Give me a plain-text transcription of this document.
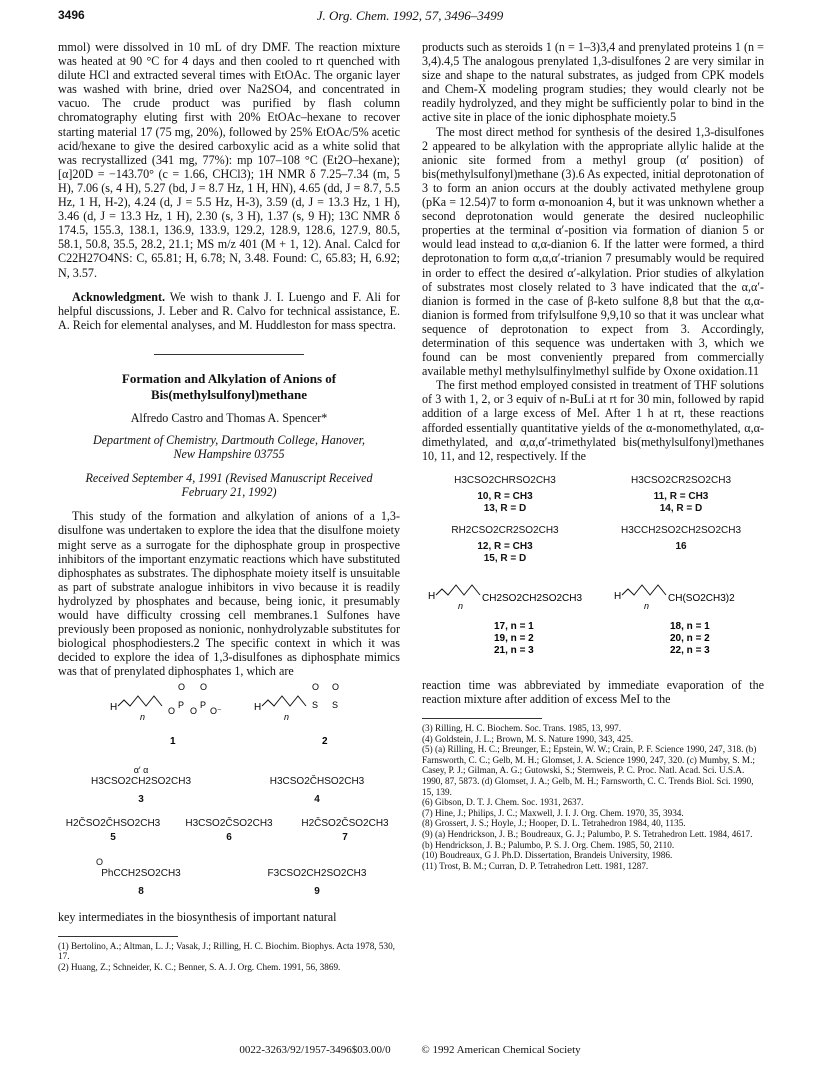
3496	J. Org. Chem. 1992, 57, 3496–3499

mmol) were dissolved in 10 mL of dry DMF. The reaction mixture was heated at 90 °C for 4 days and then cooled to rt quenched with dilute HCl and extracted several times with EtOAc. The organic layer was washed with brine, dried over Na2SO4, and concentrated in vacuo. The crude product was purified by flash column chromatography eluting first with 20% EtOAc–hexane to recover starting material 17 (75 mg, 20%), followed by 25% EtOAc/5% acetic acid/hexane to give the desired carboxylic acid as a white solid that was recrystallized (341 mg, 77%): mp 107–108 °C (Et2O–hexane); [α]20D = −143.70° (c = 1.66, CHCl3); 1H NMR δ 7.25–7.34 (m, 5 H), 7.06 (s, 4 H), 5.27 (bd, J = 8.7 Hz, 1 H, HN), 4.65 (dd, J = 8.7, 5.5 Hz, 1 H, H-2), 4.24 (d, J = 5.5 Hz, H-3), 3.59 (d, J = 13.3 Hz, 1 H), 3.46 (d, J = 13.3 Hz, 1 H), 2.30 (s, 3 H), 1.37 (s, 9 H); 13C NMR δ 174.5, 155.3, 138.1, 136.9, 133.9, 129.2, 128.9, 128.6, 127.9, 80.5, 58.1, 50.8, 35.5, 28.2, 21.1; MS m/z 401 (M + 1, 12). Anal. Calcd for C22H27O4NS: C, 65.81; H, 6.78; N, 3.48. Found: C, 65.83; H, 6.92; N, 3.57.

Acknowledgment. We wish to thank J. I. Luengo and F. Ali for helpful discussions, J. Leber and R. Calvo for technical assistance, E. A. Reich for elemental analyses, and M. Huddleston for mass spectra.

Formation and Alkylation of Anions of
Bis(methylsulfonyl)methane
Alfredo Castro and Thomas A. Spencer*
Department of Chemistry, Dartmouth College, Hanover,
New Hampshire 03755
Received September 4, 1991 (Revised Manuscript Received
February 21, 1992)

This study of the formation and alkylation of anions of a 1,3-disulfone was undertaken to explore the idea that the disulfone moiety might serve as a surrogate for the diphosphate group in prospective inhibitors of the important enzymatic reactions which have substituted diphosphates as substrates. The diphosphate moiety itself is unsuitable as part of substrate analogue inhibitors in vivo because it is readily hydrolyzed by phosphates and because, being ionic, it presumably would have difficulty crossing cell membranes.1 Sulfones have previously been proposed as nonionic, nonhydrolyzable substitutes for biological phosphodiesters.2 The specific context in which it was decided to explore the idea of 1,3-disulfones as diphosphate mimics was that of prenylated diphosphates 1, which are

H
n
O
P
O
O
P
O
O⁻
1
H
n
S
O
S
O
2
α′ α
H3CSO2CH2SO2CH3
3

H3CSO2ČHSO2CH3
4
H2ČSO2ČHSO2CH3	H3CSO2ČSO2CH3	H2ČSO2ČSO2CH3
5	6	7
O
PhCCH2SO2CH3
8

F3CSO2CH2SO2CH3
9

key intermediates in the biosynthesis of important natural

(1) Bertolino, A.; Altman, L. J.; Vasak, J.; Rilling, H. C. Biochim. Biophys. Acta 1978, 530, 17.
(2) Huang, Z.; Schneider, K. C.; Benner, S. A. J. Org. Chem. 1991, 56, 3869.

products such as steroids 1 (n = 1–3)3,4 and prenylated proteins 1 (n = 3,4).4,5 The analogous prenylated 1,3-disulfones 2 are very similar in size and shape to the natural substrates, as judged from CPK models and Chem-X modeling program studies; they would clearly not be readily hydrolyzed, and they might be sufficiently polar to bind in the active site in place of the ionic diphosphate moiety.5

The most direct method for synthesis of the desired 1,3-disulfones 2 appeared to be alkylation with the appropriate allylic halide at the anionic site formed from a methyl group (α′ position) of bis(methylsulfonyl)methane (3).6 As expected, initial deprotonation of 3 to form an anion occurs at the doubly activated methylene group (pKa = 12.54)7 to form α-monoanion 4, but it was unknown whether a second deprotonation would generate the desired nucleophilic properties at the terminal α′-position via formation of dianion 5 or would lead instead to α,α-dianion 6. If the latter were formed, a third deprotonation to form α,α,α′-trianion 7 presumably would be required in order to effect the desired α′-alkylation. Prior studies of alkylation of substrates most closely related to 3 have indicated that the α,α′-dianion is formed in the case of β-keto sulfone 8,8 but that the α,α-dianion is formed from trifylsulfone 9,9,10 so that it was unclear what sequence of deprotonation to expect from 3. Accordingly, determination of this sequence was undertaken with 3, which we found can be most conveniently prepared from commercially available methyl methylsulfinylmethyl sulfide by Oxone oxidation.11

The first method employed consisted in treatment of THF solutions of 3 with 1, 2, or 3 equiv of n-BuLi at rt for 30 min, followed by rapid addition of a large excess of MeI. After 1 h at rt, these reactions afforded essentially quantitative yields of the α-monomethylated, α,α-dimethylated, and α,α,α′-trimethylated bis(methylsulfonyl)methanes 10, 11, and 12, respectively. If the

H3CSO2CHRSO2CH3
10, R = CH3
13, R = D
H3CSO2CR2SO2CH3
11, R = CH3
14, R = D
RH2CSO2CR2SO2CH3
12, R = CH3
15, R = D
H3CCH2SO2CH2SO2CH3
16
H
n
CH2SO2CH2SO2CH3
17, n = 1
19, n = 2
21, n = 3
H
n
CH(SO2CH3)2
18, n = 1
20, n = 2
22, n = 3

reaction time was abbreviated by immediate evaporation of the reaction mixture after addition of excess MeI to the

(3) Rilling, H. C. Biochem. Soc. Trans. 1985, 13, 997.
(4) Goldstein, J. L.; Brown, M. S. Nature 1990, 343, 425.
(5) (a) Rilling, H. C.; Breunger, E.; Epstein, W. W.; Crain, P. F. Science 1990, 247, 318. (b) Farnsworth, C. C.; Gelb, M. H.; Glomset, J. A. Science 1990, 247, 320. (c) Mumby, S. M.; Casey, P. J.; Gilman, A. G.; Gutowski, S.; Sternweis, P. C. Proc. Natl. Acad. Sci. U.S.A. 1990, 87, 5873. (d) Glomset, J. A.; Gelb, M. H.; Farnsworth, C. C. Trends Biol. Sci. 1990, 15, 139.
(6) Gibson, D. T. J. Chem. Soc. 1931, 2637.
(7) Hine, J.; Philips, J. C.; Maxwell, J. I. J. Org. Chem. 1970, 35, 3934.
(8) Grossert, J. S.; Hoyle, J.; Hooper, D. L. Tetrahedron 1984, 40, 1135.
(9) (a) Hendrickson, J. B.; Boudreaux, G. J.; Palumbo, P. S. Tetrahedron Lett. 1984, 4617. (b) Hendrickson, J. B.; Palumbo, P. S. J. Org. Chem. 1985, 50, 2110.
(10) Boudreaux, G J. Ph.D. Dissertation, Brandeis University, 1986.
(11) Trost, B. M.; Curran, D. P. Tetrahedron Lett. 1981, 1287.
0022-3263/92/1957-3496$03.00/0	© 1992 American Chemical Society
